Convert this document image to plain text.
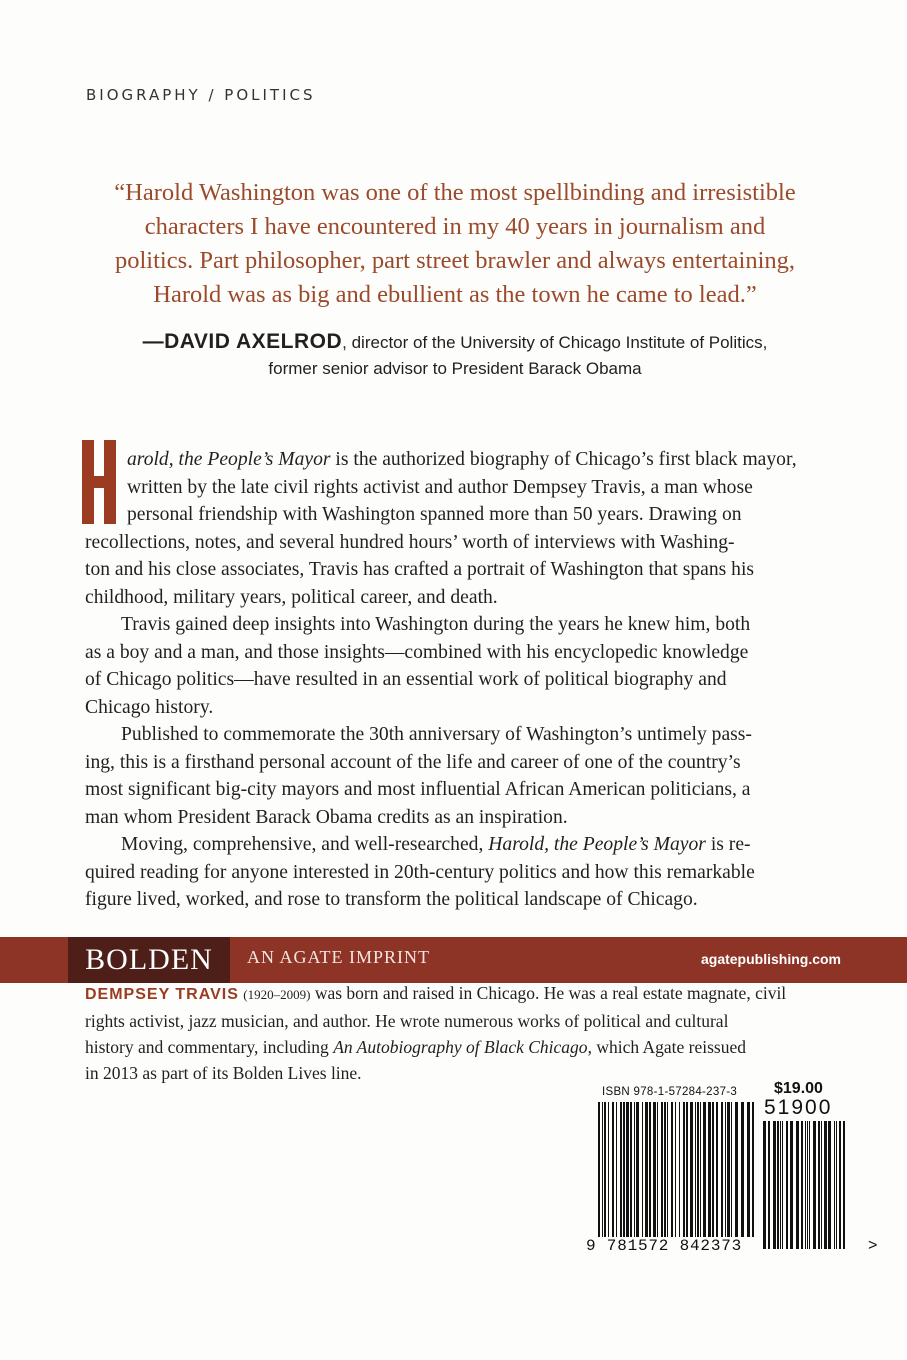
BIOGRAPHY / POLITICS
“Harold Washington was one of the most spellbinding and irresistible
characters I have encountered in my 40 years in journalism and
politics. Part philosopher, part street brawler and always entertaining,
Harold was as big and ebullient as the town he came to lead.”
—DAVID AXELROD, director of the University of Chicago Institute of Politics,
former senior advisor to President Barack Obama

arold, the People’s Mayor is the authorized biography of Chicago’s first black mayor,
written by the late civil rights activist and author Dempsey Travis, a man whose
personal friendship with Washington spanned more than 50 years. Drawing on
recollections, notes, and several hundred hours’ worth of interviews with Washing-
ton and his close associates, Travis has crafted a portrait of Washington that spans his
childhood, military years, political career, and death.

Travis gained deep insights into Washington during the years he knew him, both
as a boy and a man, and those insights—combined with his encyclopedic knowledge
of Chicago politics—have resulted in an essential work of political biography and
Chicago history.

Published to commemorate the 30th anniversary of Washington’s untimely pass-
ing, this is a firsthand personal account of the life and career of one of the country’s
most significant big-city mayors and most influential African American politicians, a
man whom President Barack Obama credits as an inspiration.

Moving, comprehensive, and well-researched, Harold, the People’s Mayor is re-
quired reading for anyone interested in 20th-century politics and how this remarkable
figure lived, worked, and rose to transform the political landscape of Chicago.

DEMPSEY TRAVIS (1920–2009) was born and raised in Chicago. He was a real estate magnate, civil
rights activist, jazz musician, and author. He wrote numerous works of political and cultural
history and commentary, including An Autobiography of Black Chicago, which Agate reissued
in 2013 as part of its Bolden Lives line.
BOLDEN	AN AGATE IMPRINT	agatepublishing.com
ISBN 978-1-57284-237-3 $19.00
51900
9 781572 842373	>
